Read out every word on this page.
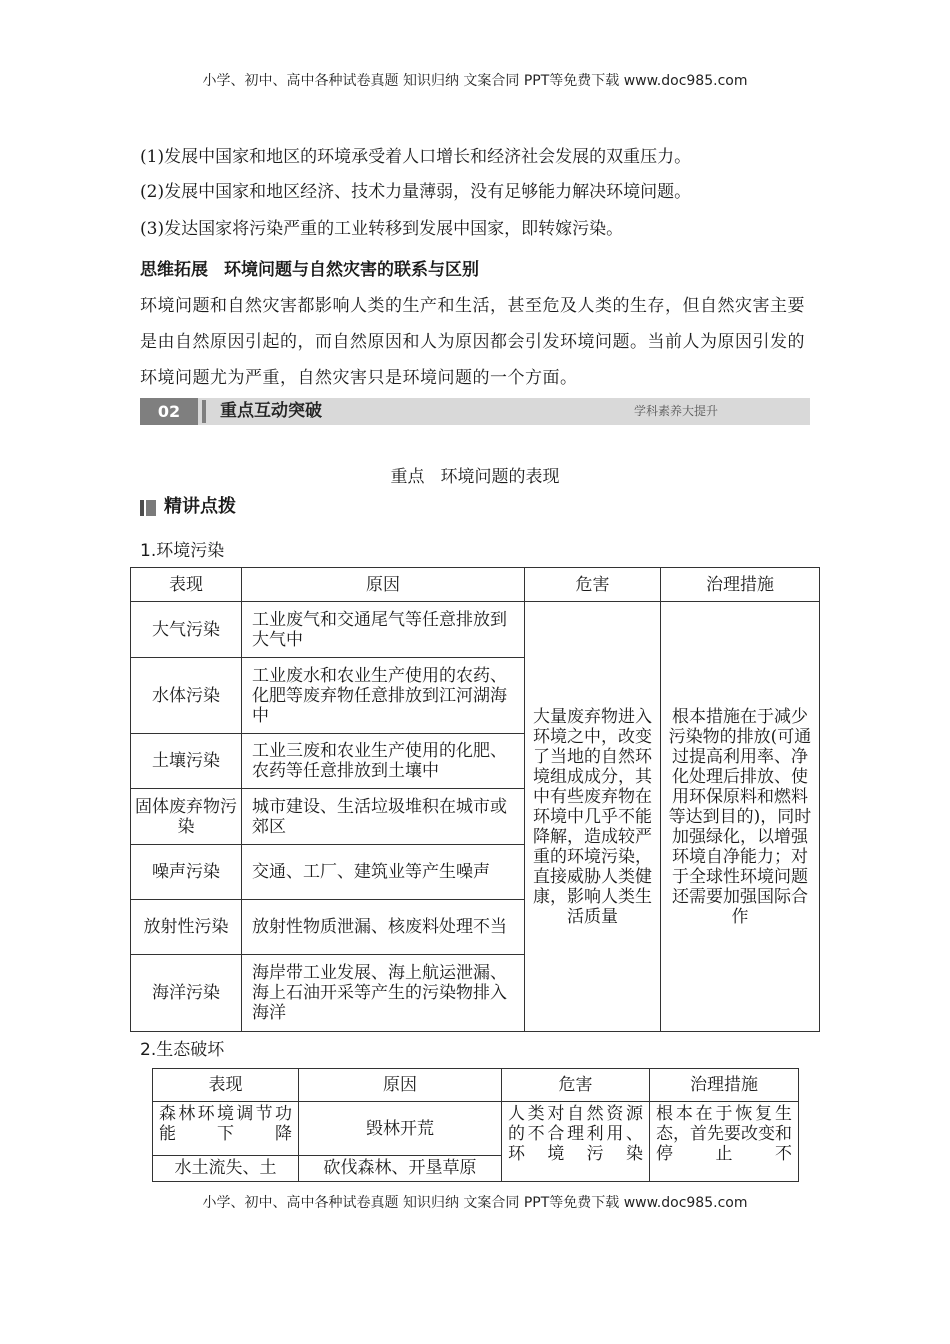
小学、初中、高中各种试卷真题 知识归纳 文案合同 PPT等免费下载 www.doc985.com
(1)发展中国家和地区的环境承受着人口增长和经济社会发展的双重压力。
(2)发展中国家和地区经济、技术力量薄弱，没有足够能力解决环境问题。
(3)发达国家将污染严重的工业转移到发展中国家，即转嫁污染。
思维拓展 环境问题与自然灾害的联系与区别
环境问题和自然灾害都影响人类的生产和生活，甚至危及人类的生存，但自然灾害主要是由自然原因引起的，而自然原因和人为原因都会引发环境问题。当前人为原因引发的环境问题尤为严重，自然灾害只是环境问题的一个方面。
02	重点互动突破	学科素养大提升
重点 环境问题的表现
精讲点拨
1.环境污染
表现	原因	危害	治理措施
大气污染	工业废气和交通尾气等任意排放到大气中	大量废弃物进入环境之中，改变了当地的自然环境组成成分，其中有些废弃物在环境中几乎不能降解，造成较严重的环境污染，直接威胁人类健康，影响人类生活质量	根本措施在于减少污染物的排放(可通过提高利用率、净化处理后排放、使用环保原料和燃料等达到目的)，同时加强绿化，以增强环境自净能力；对于全球性环境问题还需要加强国际合作
水体污染	工业废水和农业生产使用的农药、化肥等废弃物任意排放到江河湖海中		
土壤污染	工业三废和农业生产使用的化肥、农药等任意排放到土壤中		
固体废弃物污染	城市建设、生活垃圾堆积在城市或郊区		
噪声污染	交通、工厂、建筑业等产生噪声		
放射性污染	放射性物质泄漏、核废料处理不当		
海洋污染	海岸带工业发展、海上航运泄漏、海上石油开采等产生的污染物排入海洋		
2.生态破坏
表现	原因	危害	治理措施
森林环境调节功能下降	毁林开荒	人类对自然资源的不合理利用、环境污染	根本在于恢复生态，首先要改变和停止不
水土流失、土	砍伐森林、开垦草原		
小学、初中、高中各种试卷真题 知识归纳 文案合同 PPT等免费下载 www.doc985.com
